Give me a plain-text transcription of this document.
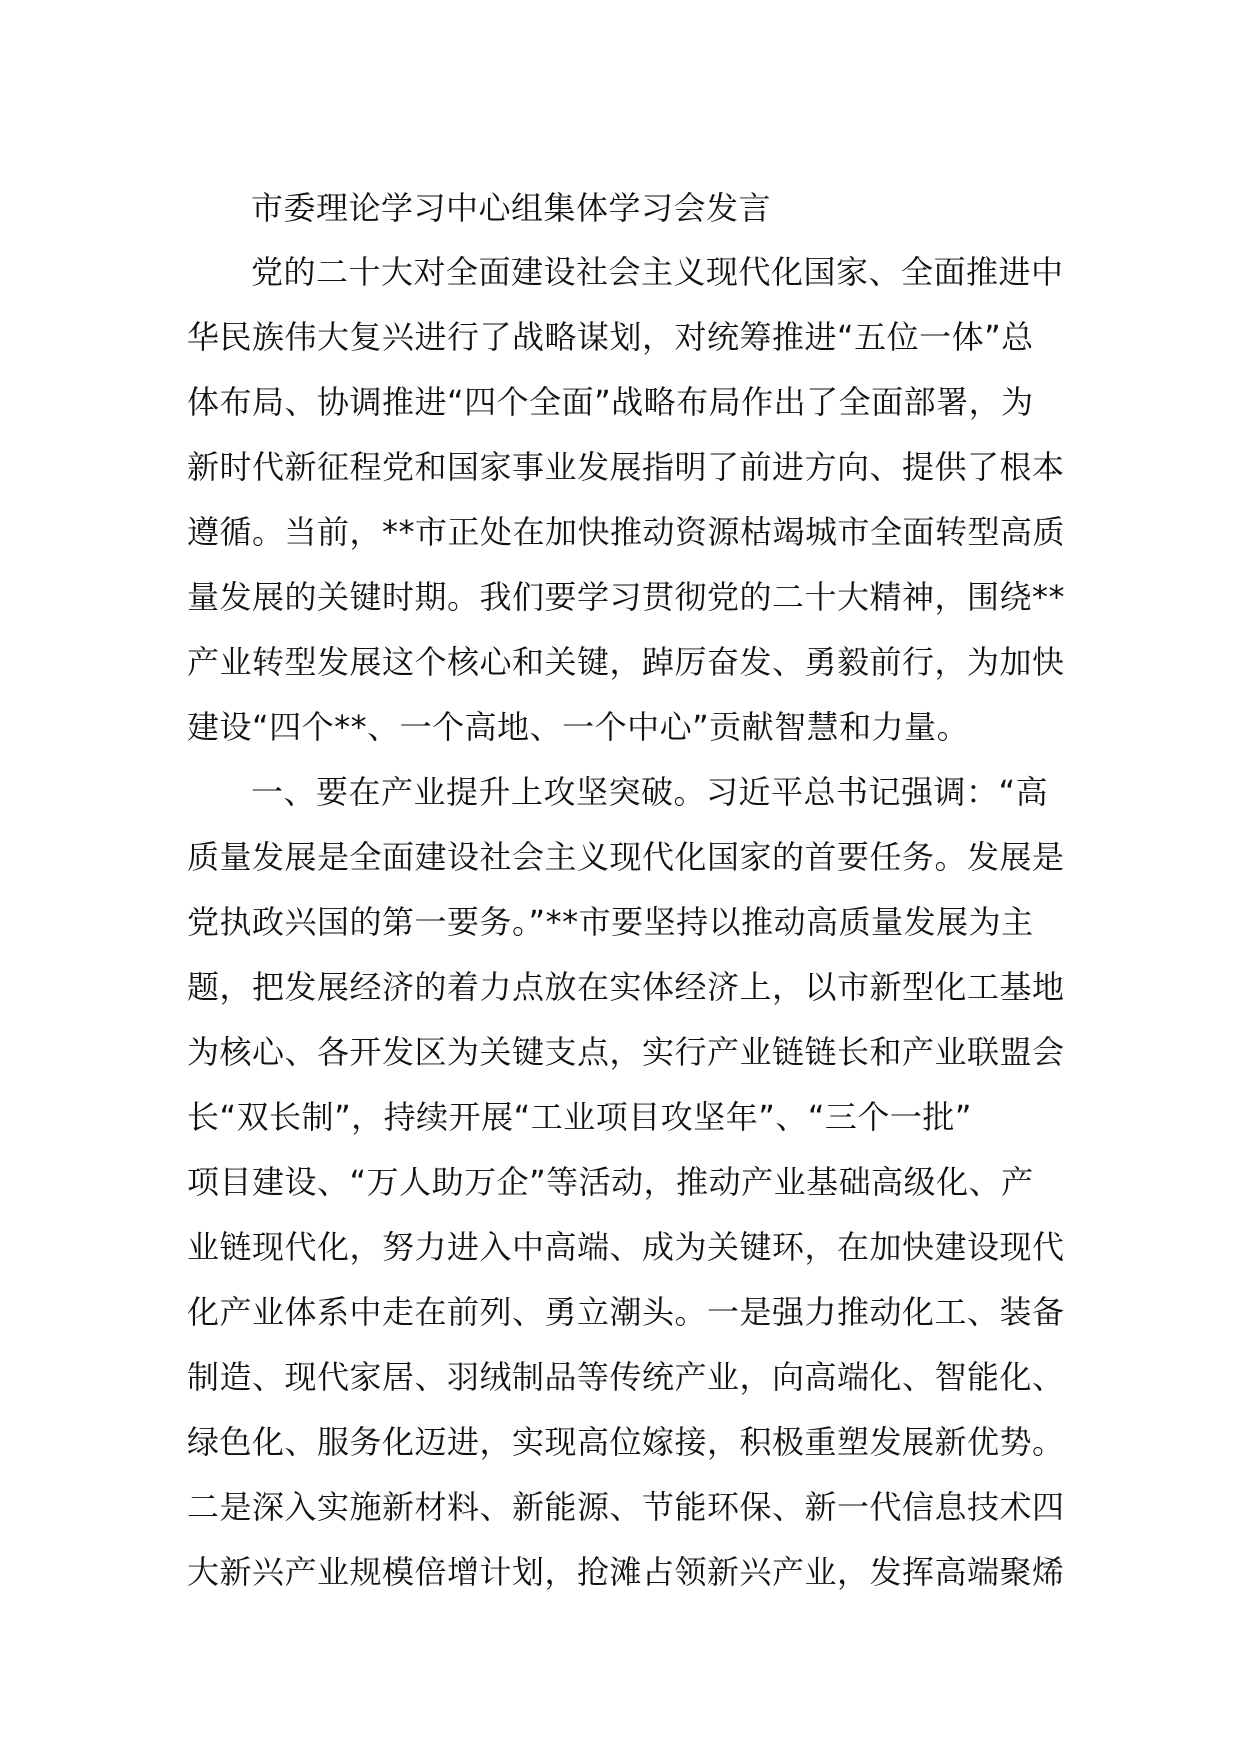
市委理论学习中心组集体学习会发言

党的二十大对全面建设社会主义现代化国家、全面推进中
华民族伟大复兴进行了战略谋划，对统筹推进“五位一体”总
体布局、协调推进“四个全面”战略布局作出了全面部署，为
新时代新征程党和国家事业发展指明了前进方向、提供了根本
遵循。当前，**市正处在加快推动资源枯竭城市全面转型高质
量发展的关键时期。我们要学习贯彻党的二十大精神，围绕**
产业转型发展这个核心和关键，踔厉奋发、勇毅前行，为加快
建设“四个**、一个高地、一个中心”贡献智慧和力量。

一、要在产业提升上攻坚突破。习近平总书记强调：“高
质量发展是全面建设社会主义现代化国家的首要任务。发展是
党执政兴国的第一要务。”**市要坚持以推动高质量发展为主
题，把发展经济的着力点放在实体经济上，以市新型化工基地
为核心、各开发区为关键支点，实行产业链链长和产业联盟会
长“双长制”，持续开展“工业项目攻坚年”、“三个一批”
项目建设、“万人助万企”等活动，推动产业基础高级化、产
业链现代化，努力进入中高端、成为关键环，在加快建设现代
化产业体系中走在前列、勇立潮头。一是强力推动化工、装备
制造、现代家居、羽绒制品等传统产业，向高端化、智能化、
绿色化、服务化迈进，实现高位嫁接，积极重塑发展新优势。
二是深入实施新材料、新能源、节能环保、新一代信息技术四
大新兴产业规模倍增计划，抢滩占领新兴产业，发挥高端聚烯
